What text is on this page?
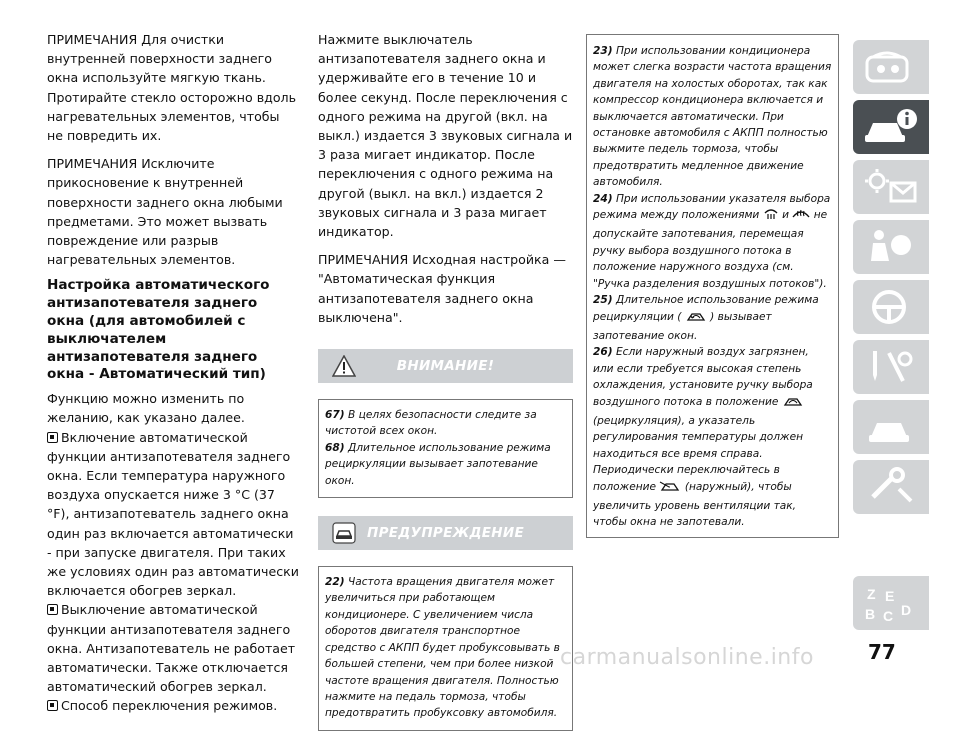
ПРИМЕЧАНИЯ Для очистки внутренней поверхности заднего окна используйте мягкую ткань. Протирайте стекло осторожно вдоль нагревательных элементов, чтобы не повредить их.

ПРИМЕЧАНИЯ Исключите прикосновение к внутренней поверхности заднего окна любыми предметами. Это может вызвать повреждение или разрыв нагревательных элементов.

Настройка автоматического антизапотевателя заднего окна (для автомобилей с выключателем антизапотевателя заднего окна - Автоматический тип)

Функцию можно изменить по желанию, как указано далее.

Включение автоматической функции антизапотевателя заднего окна. Если температура наружного воздуха опускается ниже 3 °C (37 °F), антизапотеватель заднего окна один раз включается автоматически - при запуске двигателя. При таких же условиях один раз автоматически включается обогрев зеркал.

Выключение автоматической функции антизапотевателя заднего окна. Антизапотеватель не работает автоматически. Также отключается автоматический обогрев зеркал.

Способ переключения режимов.

Нажмите выключатель антизапотевателя заднего окна и удерживайте его в течение 10 и более секунд. После переключения с одного режима на другой (вкл. на выкл.) издается 3 звуковых сигнала и 3 раза мигает индикатор. После переключения с одного режима на другой (выкл. на вкл.) издается 2 звуковых сигнала и 3 раза мигает индикатор.

ПРИМЕЧАНИЯ Исходная настройка — "Автоматическая функция антизапотевателя заднего окна выключена".

ВНИМАНИЕ!

67) В целях безопасности следите за чистотой всех окон.

68) Длительное использование режима рециркуляции вызывает запотевание окон.

ПРЕДУПРЕЖДЕНИЕ

22) Частота вращения двигателя может увеличиться при работающем кондиционере. С увеличением числа оборотов двигателя транспортное средство с АКПП будет пробуксовывать в большей степени, чем при более низкой частоте вращения двигателя. Полностью нажмите на педаль тормоза, чтобы предотвратить пробуксовку автомобиля.

23) При использовании кондиционера может слегка возрасти частота вращения двигателя на холостых оборотах, так как компрессор кондиционера включается и выключается автоматически. При остановке автомобиля с АКПП полностью выжмите педель тормоза, чтобы предотвратить медленное движение автомобиля.

24) При использовании указателя выбора режима между положениями и не допускайте запотевания, перемещая ручку выбора воздушного потока в положение наружного воздуха (см. "Ручка разделения воздушных потоков").

25) Длительное использование режима рециркуляции (	) вызывает запотевание окон.

26) Если наружный воздух загрязнен, или если требуется высокая степень охлаждения, установите ручку выбора воздушного потока в положение  (рециркуляция), а указатель регулирования температуры должен находиться все время справа. Периодически переключайтесь в положение	(наружный), чтобы увеличить уровень вентиляции так, чтобы окна не запотевали.

Z E
B C D
77
carmanualsonline.info
